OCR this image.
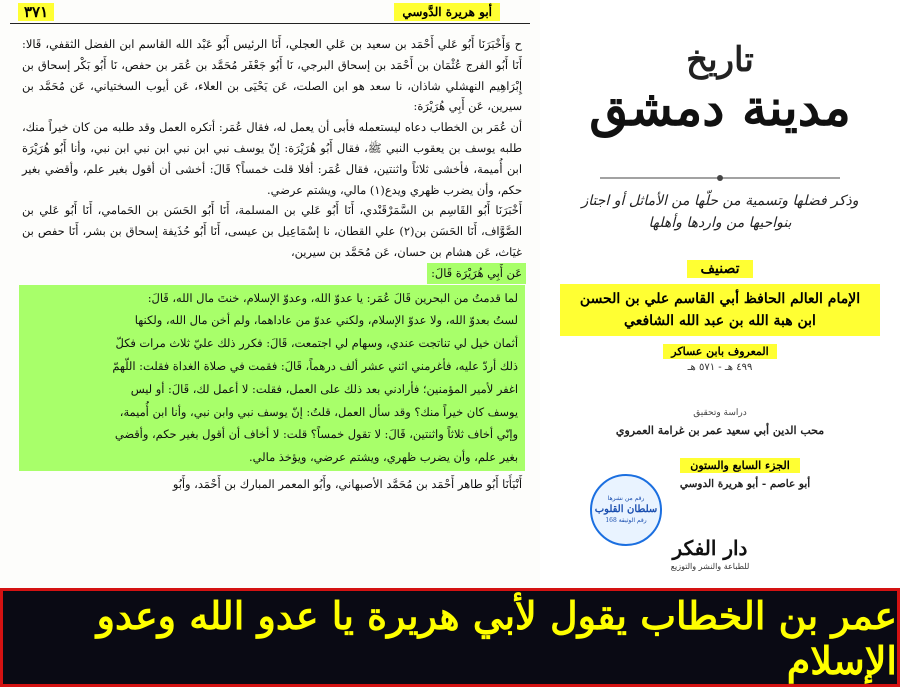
٣٧١	أبو هريرة الدَّوسي

ح وَأَخْبَرَنَا أَبُو عَلي أَحْمَد بن سعيد بن عَلي العجلي، أَنَا الرئيس أَبُو عَبْد الله القاسم ابن الفضل الثقفي، قَالا: أَنَا أَبُو الفرج عُثْمَان بن أَحْمَد بن إسحاق البرجي، نَا أَبُو جَعْفَر مُحَمَّد بن عُمَر بن حفص، نَا أَبُو بَكْر إسحاق بن إِبْرَاهِيم النهشلي شاذان، نا سعد هو ابن الصلت، عَن يَحْيَى بن العلاء، عَن أيوب السختياني، عَن مُحَمَّد بن سيرين، عَن أَبِي هُرَيْرَة:

أن عُمَر بن الخطاب دعاه ليستعمله فأبى أن يعمل له، فقال عُمَر: أتكره العمل وقد طلبه من كان خيراً منك، طلبه يوسف بن يعقوب النبي ﷺ، فقال أَبُو هُرَيْرَة: إنّ يوسف نبي ابن نبي ابن نبي ابن نبي، وأنا أَبُو هُرَيْرَة ابن أُميمة، فأخشى ثلاثاً واثنتين، فقال عُمَر: أفلا قلت خمساً؟ قَالَ: أخشى أن أقول بغير علم، وأقضي بغير حكم، وأن يضرب ظهري ويدع(١) مالي، ويشتم عرضي.

أَخْبَرَنَا أَبُو القَاسِم بن السَّمَرْقَنْدي، أَنَا أَبُو عَلي بن المسلمة، أَنَا أَبُو الحَسَن بن الحَمامي، أَنَا أَبُو عَلي بن الصَّوَّاف، أَنَا الحَسَن بن(٢) علي القطان، نا إسْمَاعِيل بن عيسى، أَنَا أَبُو حُذَيفة إسحاق بن بشر، أَنَا حفص بن غيَاث، عَن هشام بن حسان، عَن مُحَمَّد بن سيرين،

عَن أَبِي هُرَيْرَة قَالَ:
لما قدمتُ من البحرين قَالَ عُمَر: يا عدوّ الله، وعدوّ الإسلام، خنتَ مال الله، قَالَ:
لستُ بعدوّ الله، ولا عدوّ الإسلام، ولكني عدوّ من عاداهما، ولم أخن مال الله، ولكنها
أثمان خيل لي تناتجت عندي، وسهام لي اجتمعت، قَالَ: فكرر ذلك عليّ ثلاث مرات فكلّ
ذلك أردّ عليه، فأغرمني اثني عشر ألف درهماً، قَالَ: فقمت في صلاة الغداة فقلت: اللّهمّ
اغفر لأمير المؤمنين؛ فأرادني بعد ذلك على العمل، فقلت: لا أعمل لك، قَالَ: أو ليس
يوسف كان خيراً منك؟ وقد سأل العمل، قلتُ: إنّ يوسف نبي وابن نبي، وأنا ابن أُميمة،
وإنّي أخاف ثلاثاً واثنتين، قَالَ: لا تقول خمساً؟ قلت: لا أخاف أن أقول بغير حكم، وأقضي
بغير علم، وأن يضرب ظهري، ويشتم عرضي، ويؤخذ مالي.

أَنْبَأَنَا أَبُو طاهر أَحْمَد بن مُحَمَّد الأصبهاني، وأَبُو المعمر المبارك بن أَحْمَد، وأَبُو

تاريخ
مدينة دمشق
وذكر فضلها وتسمية من حلّها من الأماثل أو اجتاز بنواحيها من واردها وأهلها
تصنيف
الإمام العالم الحافظ أبي القاسم علي بن الحسن
ابن هبة الله بن عبد الله الشافعي
المعروف بابن عساكر
٤٩٩ هـ - ٥٧١ هـ
دراسة وتحقيق
محب الدين أبي سعيد عمر بن غرامة العمروي
الجزء السابع والستون
أبو عاصم - أبو هريرة الدوسي
رقم من نشرها
سلطان القلوب
رقم الوثيقة 168
دار الفكر
للطباعة والنشر والتوزيع
عمر بن الخطاب يقول لأبي هريرة يا عدو الله وعدو الإسلام
